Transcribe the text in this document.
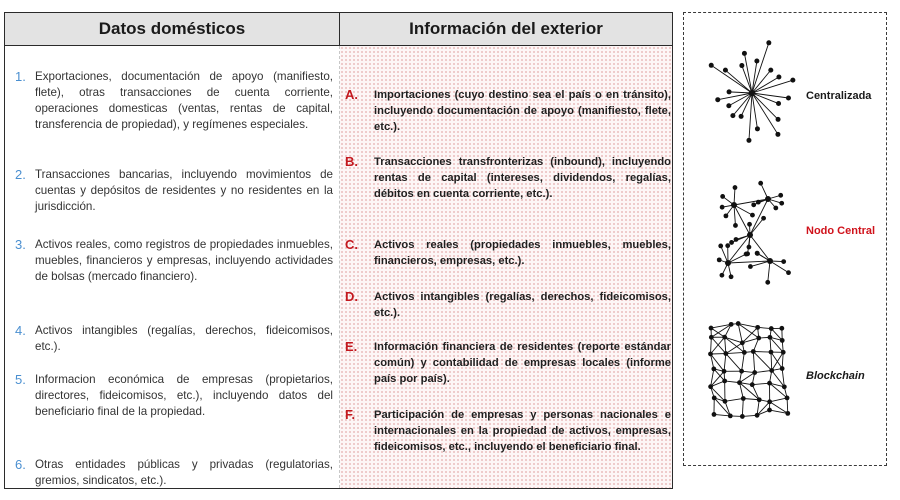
Datos domésticos	Información del exterior
1. Exportaciones, documentación de apoyo (manifiesto, flete), otras transacciones de cuenta corriente, operaciones domesticas (ventas, rentas de capital, transferencia de propiedad), y regímenes especiales.
2. Transacciones bancarias, incluyendo movimientos de cuentas y depósitos de residentes y no residentes en la jurisdicción.
3. Activos reales, como registros de propiedades inmuebles, muebles, financieros y empresas, incluyendo actividades de bolsas (mercado financiero).
4. Activos intangibles (regalías, derechos, fideicomisos, etc.).
5. Informacion económica de empresas (propietarios, directores, fideicomisos, etc.), incluyendo datos del beneficiario final de la propiedad.
6. Otras entidades públicas y privadas (regulatorias, gremios, sindicatos, etc.).
A. Importaciones (cuyo destino sea el país o en tránsito), incluyendo documentación de apoyo (manifiesto, flete, etc.).
B. Transacciones transfronterizas (inbound), incluyendo rentas de capital (intereses, dividendos, regalías, débitos en cuenta corriente, etc.).
C. Activos reales (propiedades inmuebles, muebles, financieros, empresas, etc.).
D. Activos intangibles (regalías, derechos, fideicomisos, etc.).
E. Información financiera de residentes (reporte estándar común) y contabilidad de empresas locales (informe país por país).
F. Participación de empresas y personas nacionales e internacionales en la propiedad de activos, empresas, fideicomisos, etc., incluyendo el beneficiario final.
Centralizada
Nodo Central
Blockchain
